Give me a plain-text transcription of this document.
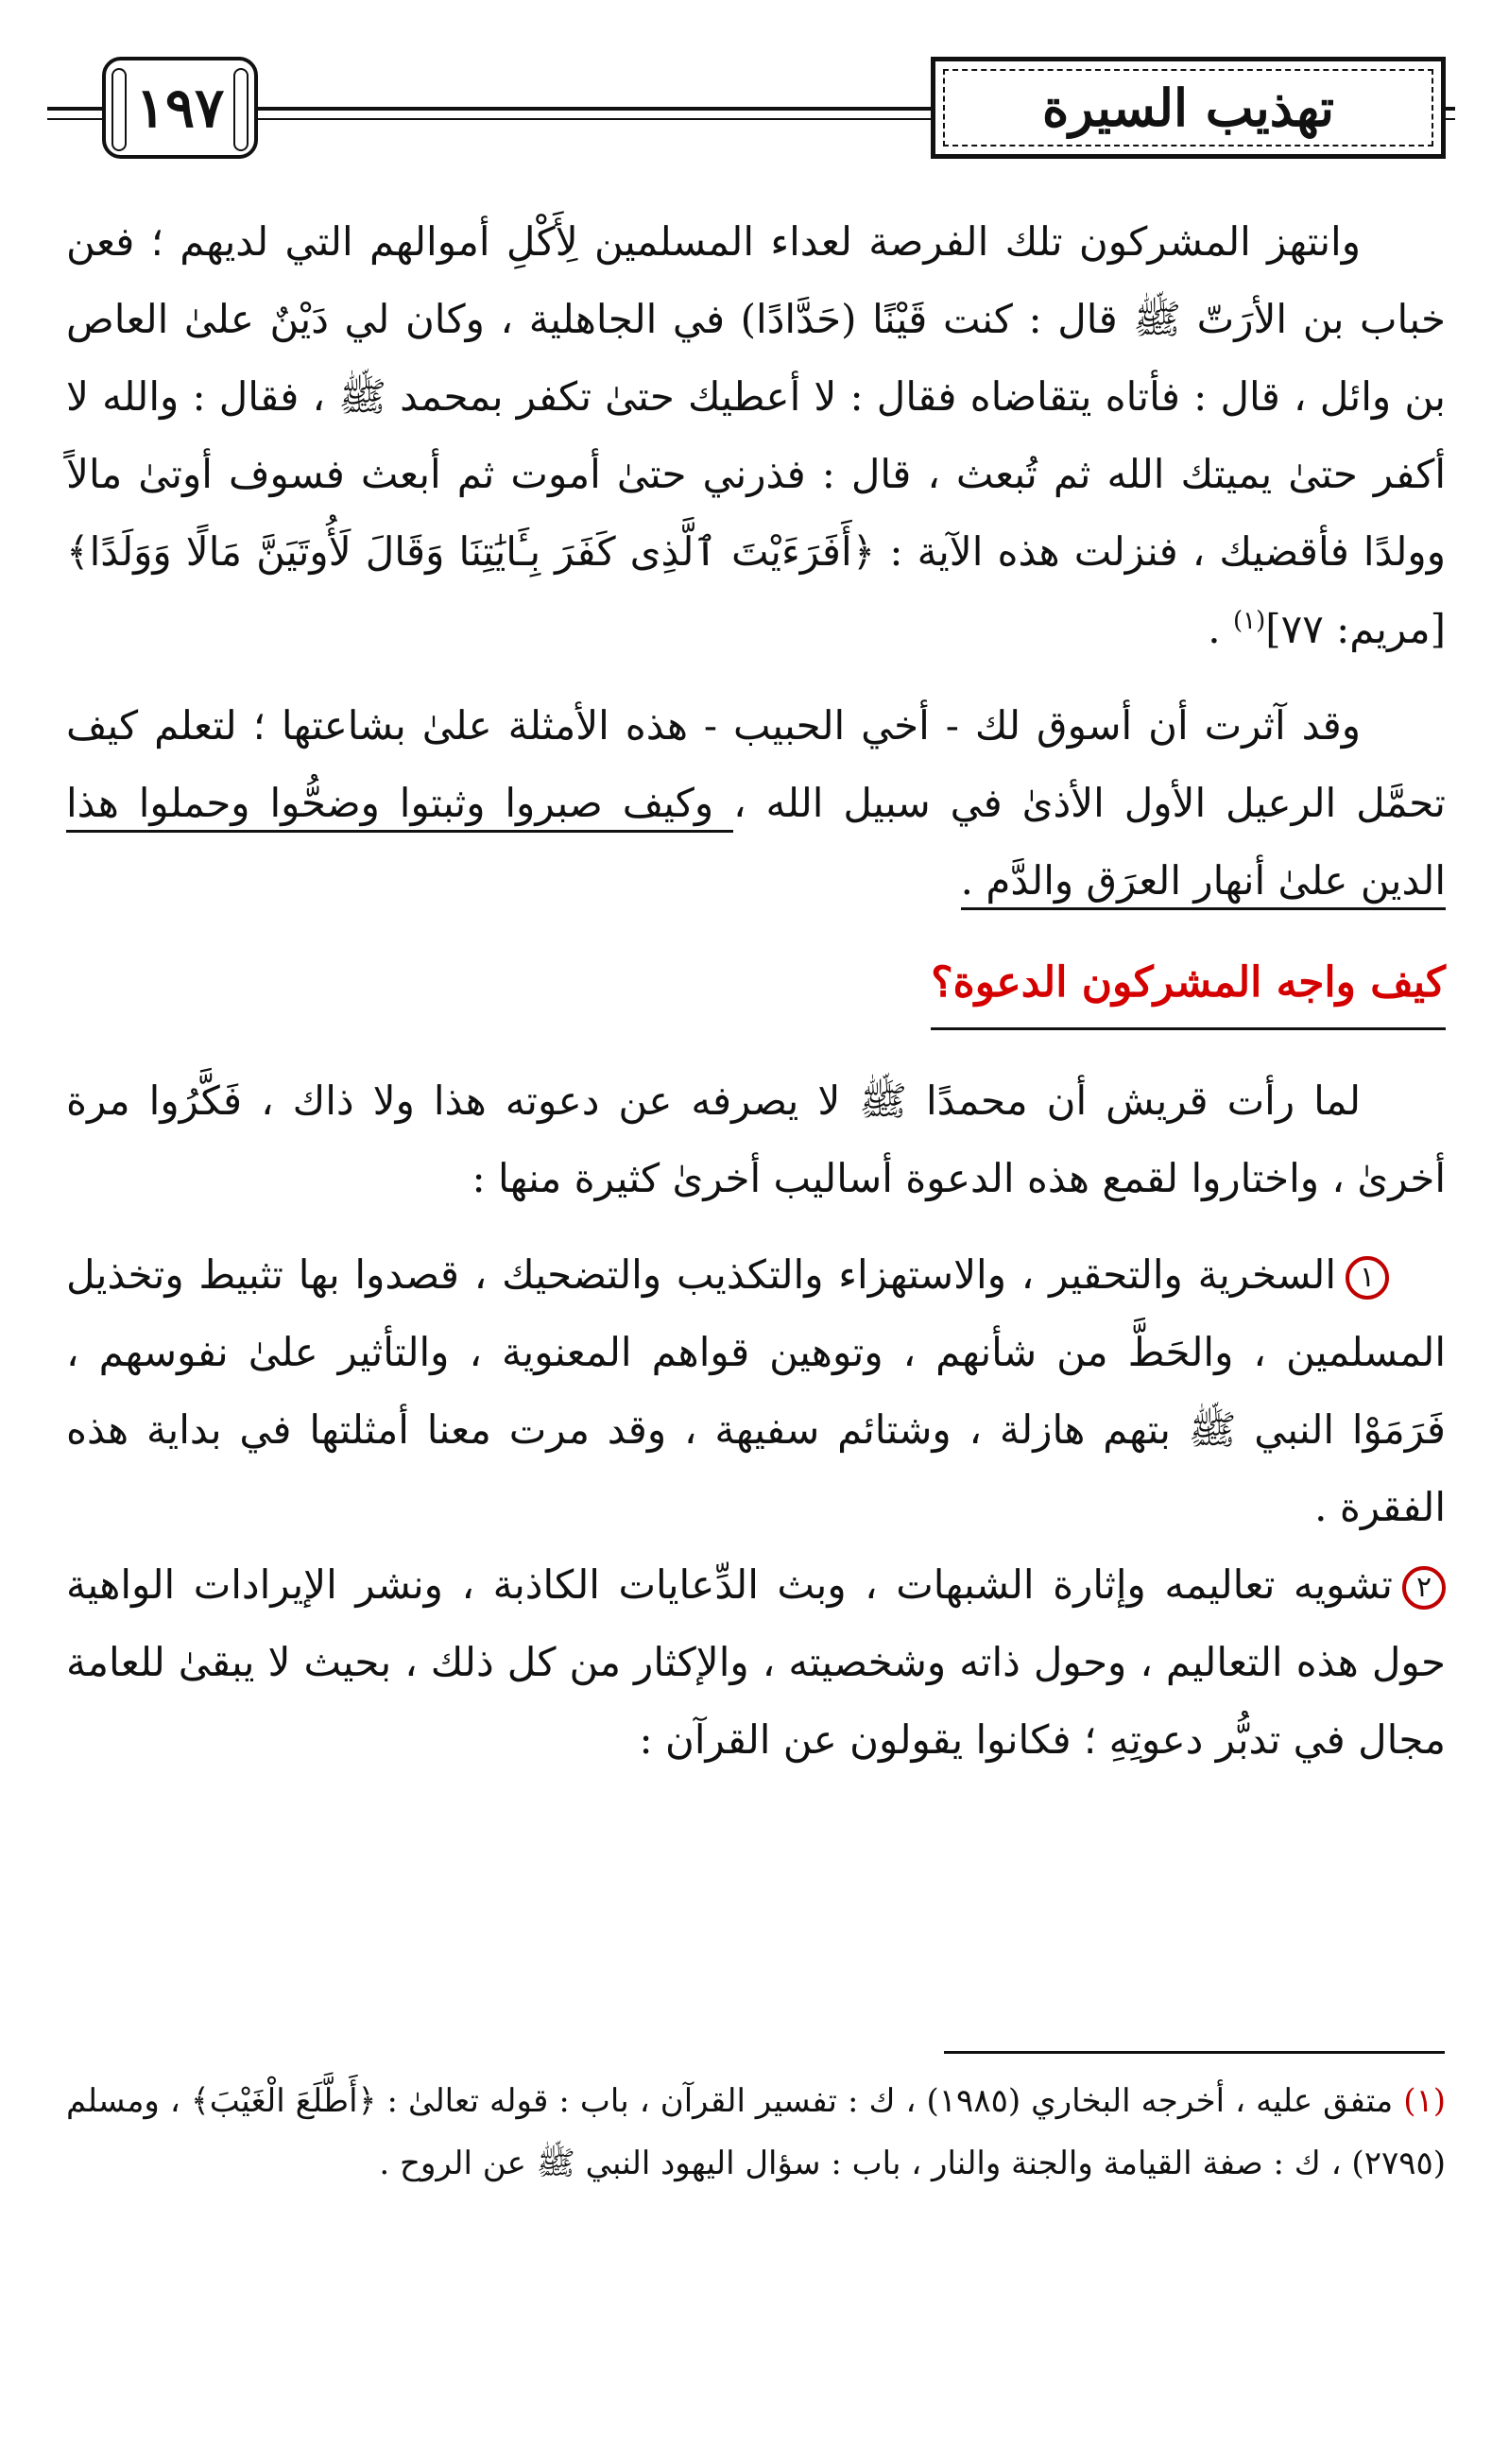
١٩٧	تهذيب السيرة

وانتهز المشركون تلك الفرصة لعداء المسلمين لِأَكْلِ أموالهم التي لديهم ؛ فعن خباب بن الأرَتّ ﷺ قال : كنت قَيْنًا (حَدَّادًا) في الجاهلية ، وكان لي دَيْنٌ علىٰ العاص بن وائل ، قال : فأتاه يتقاضاه فقال : لا أعطيك حتىٰ تكفر بمحمد ﷺ ، فقال : والله لا أكفر حتىٰ يميتك الله ثم تُبعث ، قال : فذرني حتىٰ أموت ثم أبعث فسوف أوتىٰ مالاً وولدًا فأقضيك ، فنزلت هذه الآية : ﴿أَفَرَءَيْتَ ٱلَّذِى كَفَرَ بِـَٔايَٰتِنَا وَقَالَ لَأُوتَيَنَّ مَالًا وَوَلَدًا﴾ [مريم: ٧٧]$^{(١)}$ .

وقد آثرت أن أسوق لك - أخي الحبيب - هذه الأمثلة علىٰ بشاعتها ؛ لتعلم كيف تحمَّل الرعيل الأول الأذىٰ في سبيل الله ، وكيف صبروا وثبتوا وضحُّوا وحملوا هذا الدين علىٰ أنهار العرَق والدَّم .

كيف واجه المشركون الدعوة؟

لما رأت قريش أن محمدًا ﷺ لا يصرفه عن دعوته هذا ولا ذاك ، فَكَّرُوا مرة أخرىٰ ، واختاروا لقمع هذه الدعوة أساليب أخرىٰ كثيرة منها :

١السخرية والتحقير ، والاستهزاء والتكذيب والتضحيك ، قصدوا بها تثبيط وتخذيل المسلمين ، والحَطَّ من شأنهم ، وتوهين قواهم المعنوية ، والتأثير علىٰ نفوسهم ، فَرَمَوْا النبي ﷺ بتهم هازلة ، وشتائم سفيهة ، وقد مرت معنا أمثلتها في بداية هذه الفقرة .

٢تشويه تعاليمه وإثارة الشبهات ، وبث الدِّعايات الكاذبة ، ونشر الإيرادات الواهية حول هذه التعاليم ، وحول ذاته وشخصيته ، والإكثار من كل ذلك ، بحيث لا يبقىٰ للعامة مجال في تدبُّر دعوتِهِ ؛ فكانوا يقولون عن القرآن :

(١) متفق عليه ، أخرجه البخاري (١٩٨٥) ، ك : تفسير القرآن ، باب : قوله تعالىٰ : ﴿أَطَّلَعَ الْغَيْبَ﴾ ، ومسلم (٢٧٩٥) ، ك : صفة القيامة والجنة والنار ، باب : سؤال اليهود النبي ﷺ عن الروح .
